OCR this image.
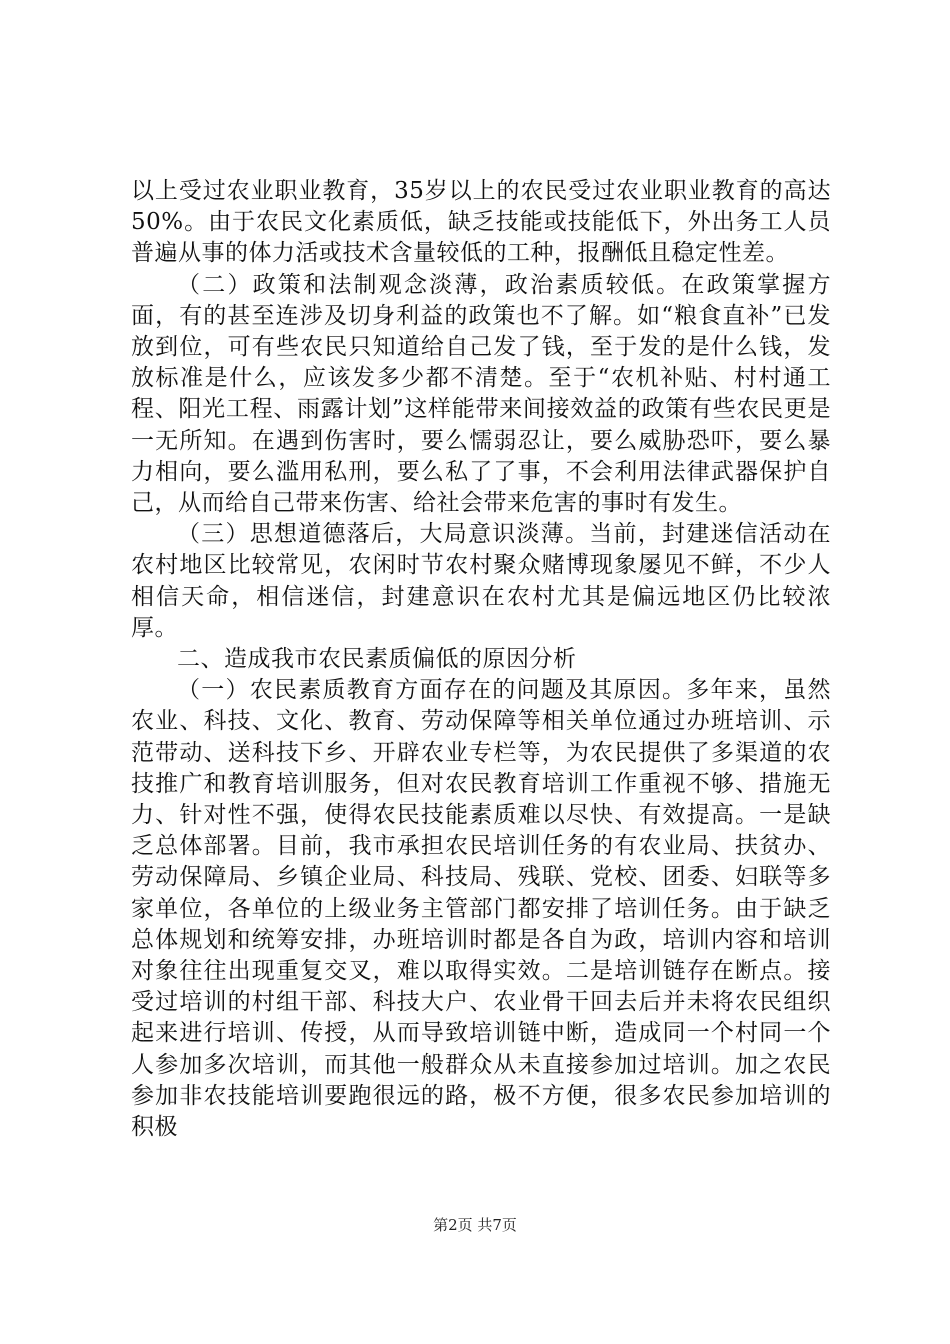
以上受过农业职业教育，35岁以上的农民受过农业职业教育的高达50%。由于农民文化素质低，缺乏技能或技能低下，外出务工人员普遍从事的体力活或技术含量较低的工种，报酬低且稳定性差。

（二）政策和法制观念淡薄，政治素质较低。在政策掌握方面，有的甚至连涉及切身利益的政策也不了解。如“粮食直补”已发放到位，可有些农民只知道给自己发了钱，至于发的是什么钱，发放标准是什么，应该发多少都不清楚。至于“农机补贴、村村通工程、阳光工程、雨露计划”这样能带来间接效益的政策有些农民更是一无所知。在遇到伤害时，要么懦弱忍让，要么威胁恐吓，要么暴力相向，要么滥用私刑，要么私了了事，不会利用法律武器保护自己，从而给自己带来伤害、给社会带来危害的事时有发生。

（三）思想道德落后，大局意识淡薄。当前，封建迷信活动在农村地区比较常见，农闲时节农村聚众赌博现象屡见不鲜，不少人相信天命，相信迷信，封建意识在农村尤其是偏远地区仍比较浓厚。

二、造成我市农民素质偏低的原因分析

（一）农民素质教育方面存在的问题及其原因。多年来，虽然农业、科技、文化、教育、劳动保障等相关单位通过办班培训、示范带动、送科技下乡、开辟农业专栏等，为农民提供了多渠道的农技推广和教育培训服务，但对农民教育培训工作重视不够、措施无力、针对性不强，使得农民技能素质难以尽快、有效提高。一是缺乏总体部署。目前，我市承担农民培训任务的有农业局、扶贫办、劳动保障局、乡镇企业局、科技局、残联、党校、团委、妇联等多家单位，各单位的上级业务主管部门都安排了培训任务。由于缺乏总体规划和统筹安排，办班培训时都是各自为政，培训内容和培训对象往往出现重复交叉，难以取得实效。二是培训链存在断点。接受过培训的村组干部、科技大户、农业骨干回去后并未将农民组织起来进行培训、传授，从而导致培训链中断，造成同一个村同一个人参加多次培训，而其他一般群众从未直接参加过培训。加之农民参加非农技能培训要跑很远的路，极不方便，很多农民参加培训的积极

第2页 共7页
